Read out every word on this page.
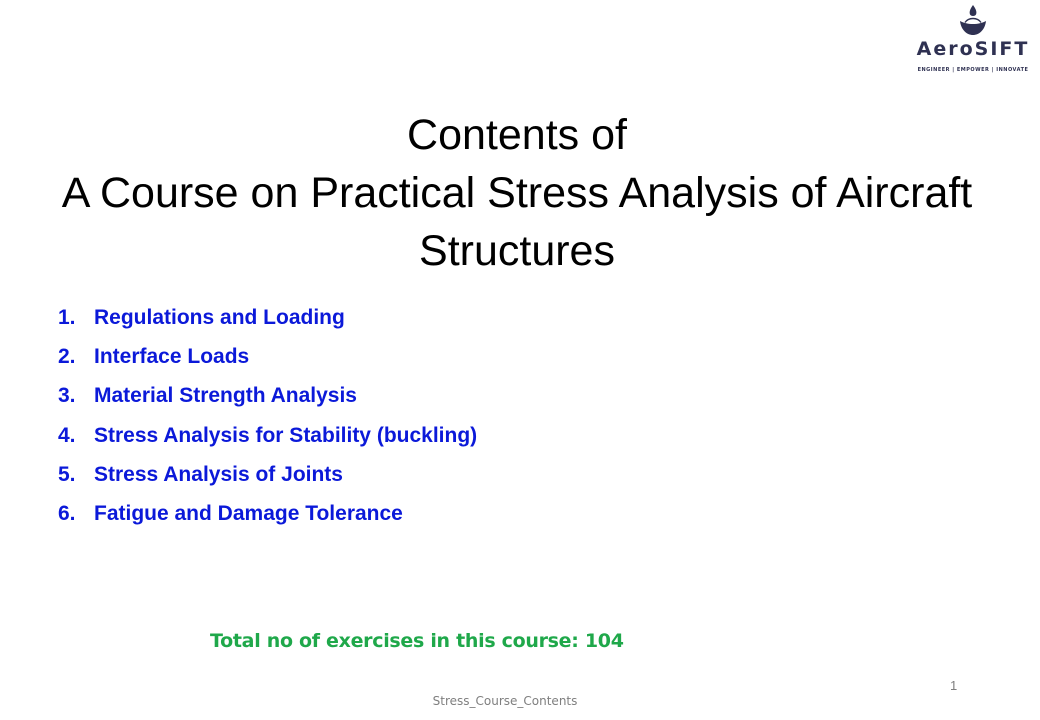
AeroSIFT
ENGINEER | EMPOWER | INNOVATE
Contents of
A Course on Practical Stress Analysis of Aircraft
Structures
1. Regulations and Loading
2. Interface Loads
3. Material Strength Analysis
4. Stress Analysis for Stability (buckling)
5. Stress Analysis of Joints
6. Fatigue and Damage Tolerance
Total no of exercises in this course: 104
1
Stress_Course_Contents
